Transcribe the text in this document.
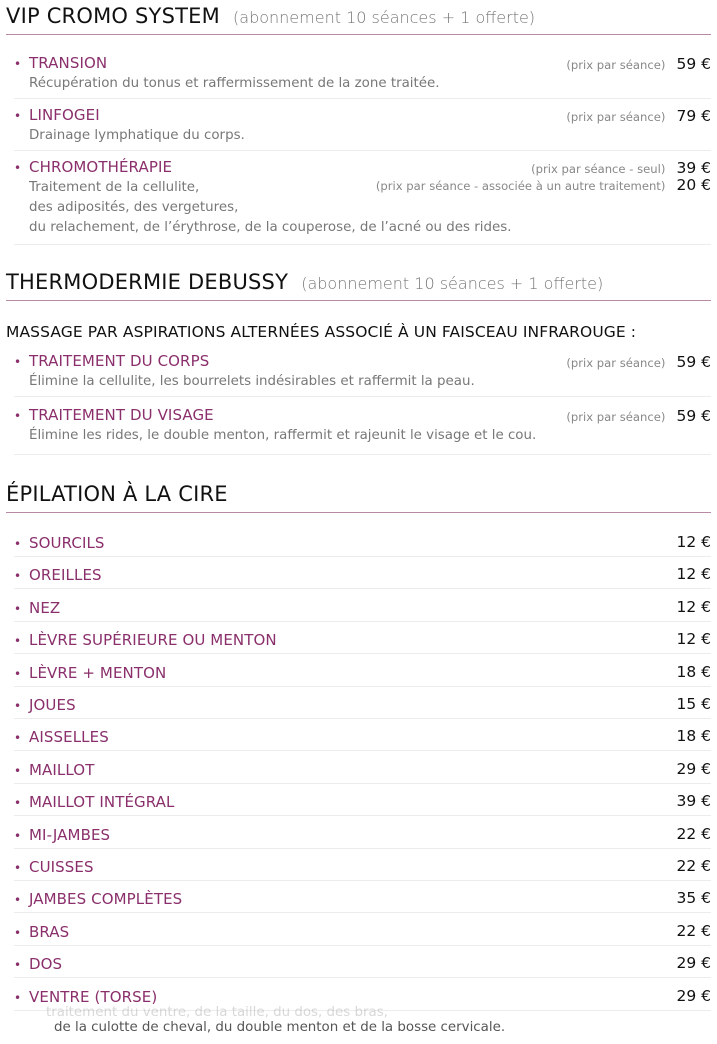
VIP CROMO SYSTEM (abonnement 10 séances + 1 offerte)
• TRANSION	(prix par séance) 59 €
Récupération du tonus et raffermissement de la zone traitée.
• LINFOGEI	(prix par séance) 79 €
Drainage lymphatique du corps.
• CHROMOTHÉRAPIE	(prix par séance - seul) 39 €
Traitement de la cellulite,	(prix par séance - associée à un autre traitement) 20 €
des adiposités, des vergetures,
du relachement, de l’érythrose, de la couperose, de l’acné ou des rides.
THERMODERMIE DEBUSSY (abonnement 10 séances + 1 offerte)
MASSAGE PAR ASPIRATIONS ALTERNÉES ASSOCIÉ À UN FAISCEAU INFRAROUGE :
• TRAITEMENT DU CORPS	(prix par séance) 59 €
Élimine la cellulite, les bourrelets indésirables et raffermit la peau.
• TRAITEMENT DU VISAGE	(prix par séance) 59 €
Élimine les rides, le double menton, raffermit et rajeunit le visage et le cou.
ÉPILATION À LA CIRE
• SOURCILS	12 €
• OREILLES	12 €
• NEZ	12 €
• LÈVRE SUPÉRIEURE OU MENTON	12 €
• LÈVRE + MENTON	18 €
• JOUES	15 €
• AISSELLES	18 €
• MAILLOT	29 €
• MAILLOT INTÉGRAL	39 €
• MI-JAMBES	22 €
• CUISSES	22 €
• JAMBES COMPLÈTES	35 €
• BRAS	22 €
• DOS	29 €
• VENTRE (TORSE)	29 €
traitement du ventre, de la taille, du dos, des bras,
de la culotte de cheval, du double menton et de la bosse cervicale.
